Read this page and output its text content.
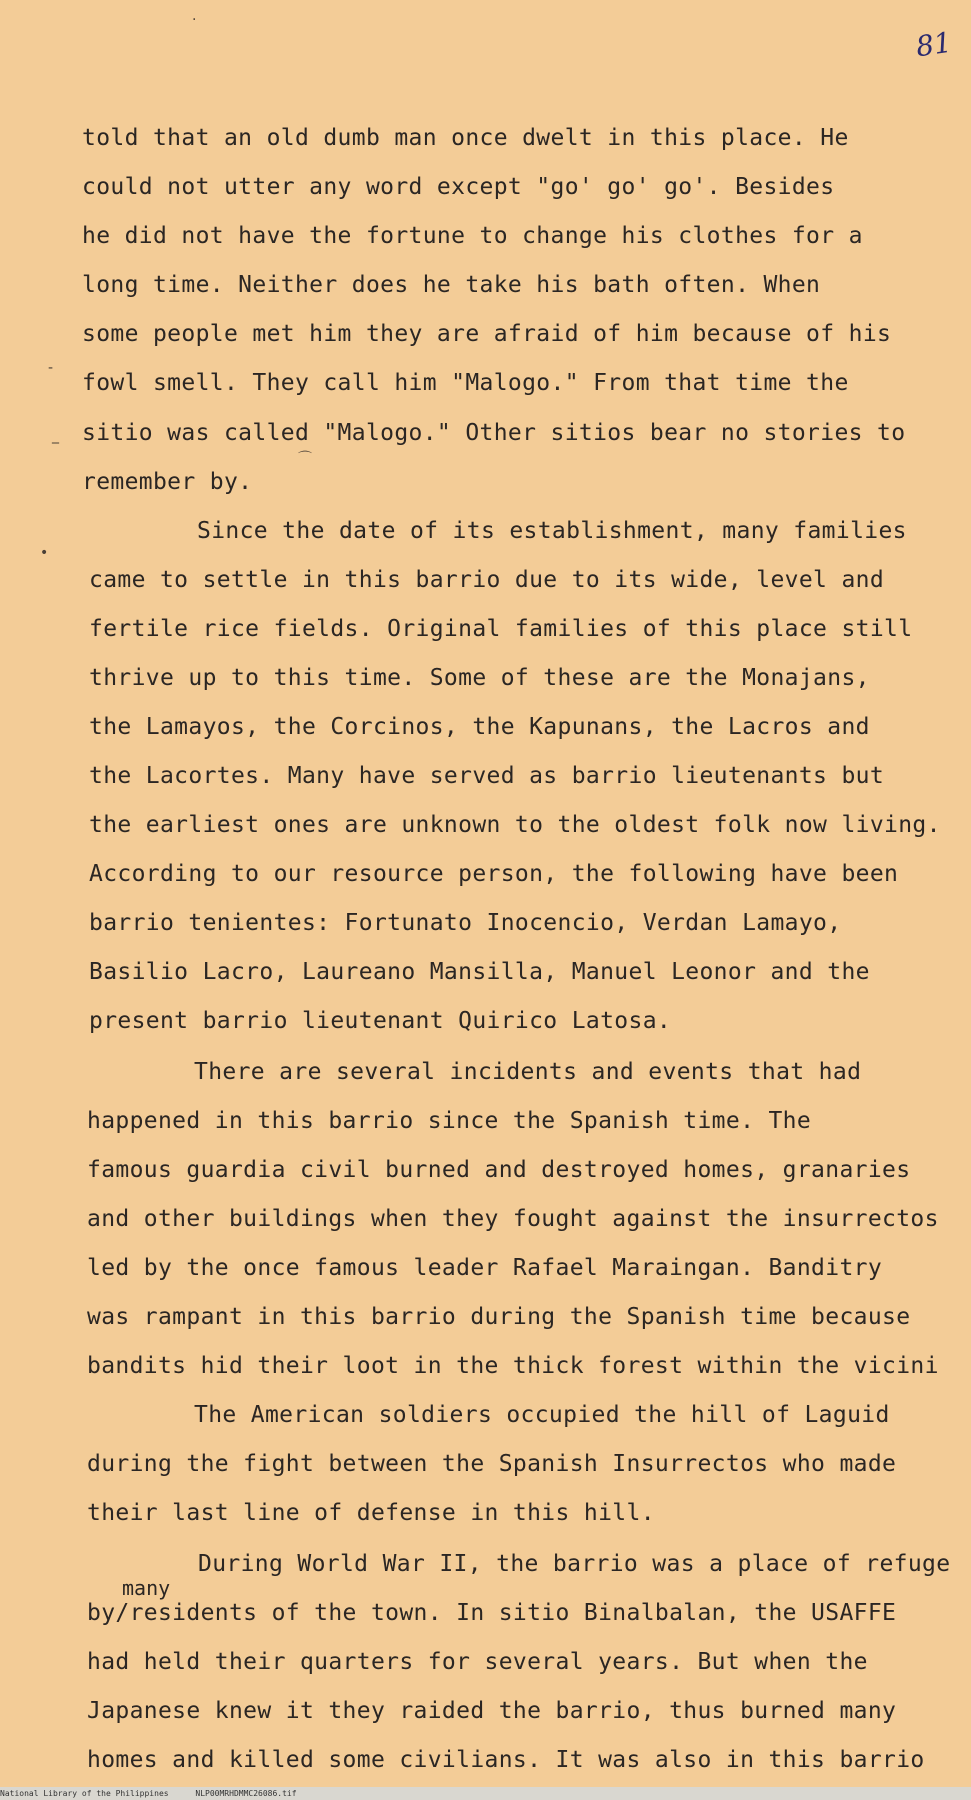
81
-
_
⌒
•
·
told that an old dumb man once dwelt in this place. He
could not utter any word except "go' go' go'. Besides
he did not have the fortune to change his clothes for a
long time. Neither does he take his bath often. When
some people met him they are afraid of him because of his
fowl smell. They call him "Malogo." From that time the
sitio was called "Malogo." Other sitios bear no stories to
remember by.
Since the date of its establishment, many families
came to settle in this barrio due to its wide, level and
fertile rice fields. Original families of this place still
thrive up to this time. Some of these are the Monajans,
the Lamayos, the Corcinos, the Kapunans, the Lacros and
the Lacortes. Many have served as barrio lieutenants but
the earliest ones are unknown to the oldest folk now living.
According to our resource person, the following have been
barrio tenientes: Fortunato Inocencio, Verdan Lamayo,
Basilio Lacro, Laureano Mansilla, Manuel Leonor and the
present barrio lieutenant Quirico Latosa.
There are several incidents and events that had
happened in this barrio since the Spanish time. The
famous guardia civil burned and destroyed homes, granaries
and other buildings when they fought against the insurrectos
led by the once famous leader Rafael Maraingan. Banditry
was rampant in this barrio during the Spanish time because
bandits hid their loot in the thick forest within the vicini
The American soldiers occupied the hill of Laguid
during the fight between the Spanish Insurrectos who made
their last line of defense in this hill.
During World War II, the barrio was a place of refuge
many
by/residents of the town. In sitio Binalbalan, the USAFFE
had held their quarters for several years. But when the
Japanese knew it they raided the barrio, thus burned many
homes and killed some civilians. It was also in this barrio
National Library of the Philippines	NLP00MRHDMMC26086.tif
